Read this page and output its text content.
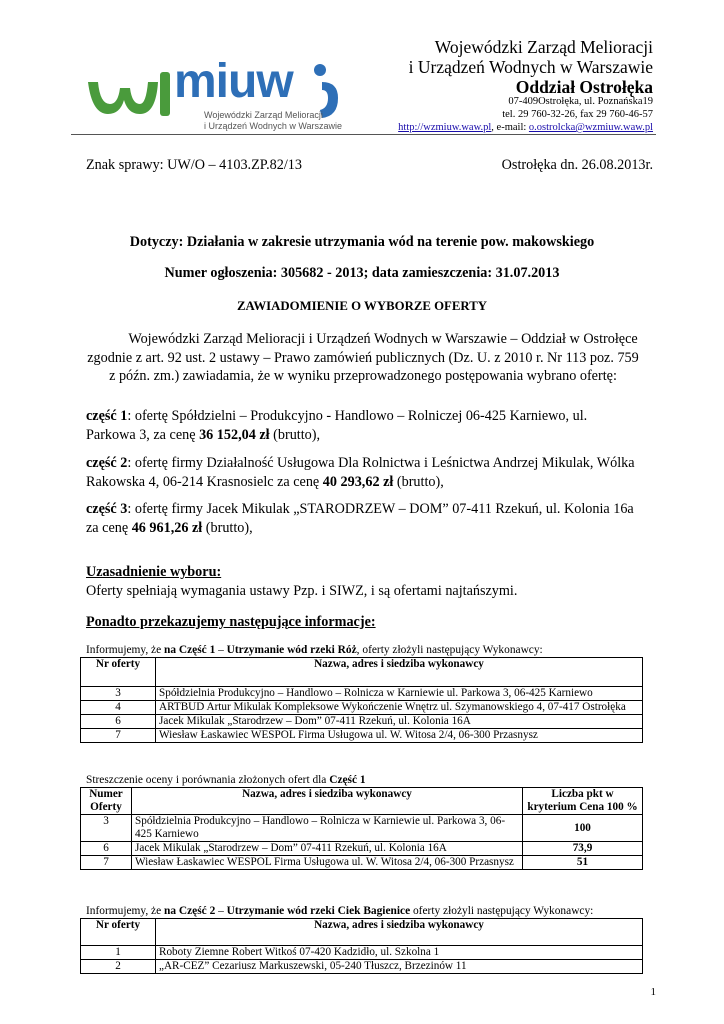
miuw
Wojewódzki Zarząd Melioracji
i Urządzeń Wodnych w Warszawie
Wojewódzki Zarząd Melioracji
i Urządzeń Wodnych w Warszawie
Oddział Ostrołęka
07-409Ostrołęka, ul. Poznańska19
tel. 29 760-32-26, fax 29 760-46-57
http://wzmiuw.waw.pl, e-mail: o.ostrolcka@wzmiuw.waw.pl
Znak sprawy: UW/O – 4103.ZP.82/13	Ostrołęka dn. 26.08.2013r.
Dotyczy: Działania w zakresie utrzymania wód na terenie pow. makowskiego
Numer ogłoszenia: 305682 - 2013; data zamieszczenia: 31.07.2013
ZAWIADOMIENIE O WYBORZE OFERTY
Wojewódzki Zarząd Melioracji i Urządzeń Wodnych w Warszawie – Oddział w Ostrołęce
zgodnie z art. 92 ust. 2 ustawy – Prawo zamówień publicznych (Dz. U. z 2010 r. Nr 113 poz. 759
z późn. zm.) zawiadamia, że w wyniku przeprowadzonego postępowania wybrano ofertę:
część 1: ofertę Spółdzielni – Produkcyjno - Handlowo – Rolniczej 06-425 Karniewo, ul.
Parkowa 3, za cenę 36 152,04 zł (brutto),
część 2: ofertę firmy Działalność Usługowa Dla Rolnictwa i Leśnictwa Andrzej Mikulak, Wólka
Rakowska 4, 06-214 Krasnosielc za cenę 40 293,62 zł (brutto),
część 3: ofertę firmy Jacek Mikulak „STARODRZEW – DOM” 07-411 Rzekuń, ul. Kolonia 16a
za cenę 46 961,26 zł (brutto),
Uzasadnienie wyboru:
Oferty spełniają wymagania ustawy Pzp. i SIWZ, i są ofertami najtańszymi.
Ponadto przekazujemy następujące informacje:
Informujemy, że na Część 1 – Utrzymanie wód rzeki Róż, oferty złożyli następujący Wykonawcy:
Nr oferty	Nazwa, adres i siedziba wykonawcy
3	Spółdzielnia Produkcyjno – Handlowo – Rolnicza w Karniewie ul. Parkowa 3, 06-425 Karniewo
4	ARTBUD Artur Mikulak Kompleksowe Wykończenie Wnętrz ul. Szymanowskiego 4, 07-417 Ostrołęka
6	Jacek Mikulak „Starodrzew – Dom” 07-411 Rzekuń, ul. Kolonia 16A
7	Wiesław Łaskawiec WESPOL Firma Usługowa ul. W. Witosa 2/4, 06-300 Przasnysz
Streszczenie oceny i porównania złożonych ofert dla Część 1
Numer Oferty	Nazwa, adres i siedziba wykonawcy	Liczba pkt w kryterium Cena 100 %
3	Spółdzielnia Produkcyjno – Handlowo – Rolnicza w Karniewie ul. Parkowa 3, 06-425 Karniewo	100
6	Jacek Mikulak „Starodrzew – Dom” 07-411 Rzekuń, ul. Kolonia 16A	73,9
7	Wiesław Łaskawiec WESPOL Firma Usługowa ul. W. Witosa 2/4, 06-300 Przasnysz	51
Informujemy, że na Część 2 – Utrzymanie wód rzeki Ciek Bagienice oferty złożyli następujący Wykonawcy:
Nr oferty	Nazwa, adres i siedziba wykonawcy
1	Roboty Ziemne Robert Witkoś 07-420 Kadzidło, ul. Szkolna 1
2	„AR-CEZ” Cezariusz Markuszewski, 05-240 Tłuszcz, Brzezinów 11
1
